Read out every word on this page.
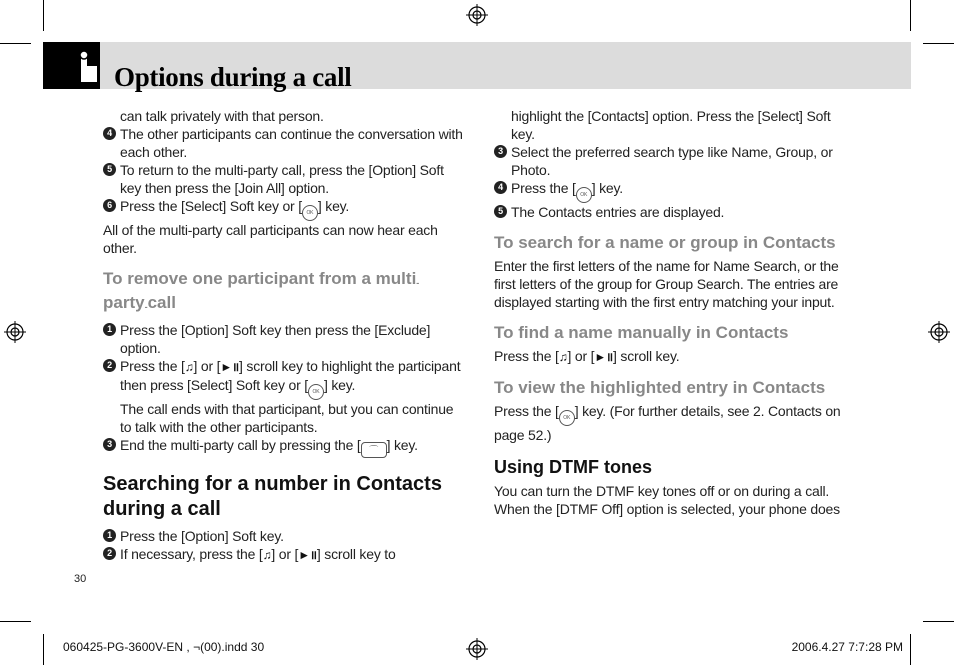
Options during a call

can talk privately with that person.

4 The other participants can continue the conversation with each other.

5 To return to the multi-party call, press the [Option] Soft key then press the [Join All] option.

6 Press the [Select] Soft key or [ OK ] key.

All of the multi-party call participants can now hear each other.

To remove one participant from a multi-
party-call

1 Press the [Option] Soft key then press the [Exclude] option.

2 Press the [♫] or [►॥] scroll key to highlight the participant then press [Select] Soft key or [ OK ] key.
The call ends with that participant, but you can continue to talk with the other participants.

3 End the multi-party call by pressing the [ ⌒ ] key.

Searching for a number in Contacts during a call

1 Press the [Option] Soft key.

2 If necessary, press the [♫] or [►॥] scroll key to

highlight the [Contacts] option. Press the [Select] Soft key.

3 Select the preferred search type like Name, Group, or Photo.

4 Press the [ OK ] key.

5 The Contacts entries are displayed.

To search for a name or group in Contacts

Enter the first letters of the name for Name Search, or the first letters of the group for Group Search. The entries are displayed starting with the first entry matching your input.

To find a name manually in Contacts

Press the [♫] or [►॥] scroll key.

To view the highlighted entry in Contacts

Press the [ OK ] key. (For further details, see 2. Contacts on page 52.)

Using DTMF tones

You can turn the DTMF key tones off or on during a call.

When the [DTMF Off] option is selected, your phone does

30
060425-PG-3600V-EN , ¬(00).indd 30	2006.4.27 7:7:28 PM
